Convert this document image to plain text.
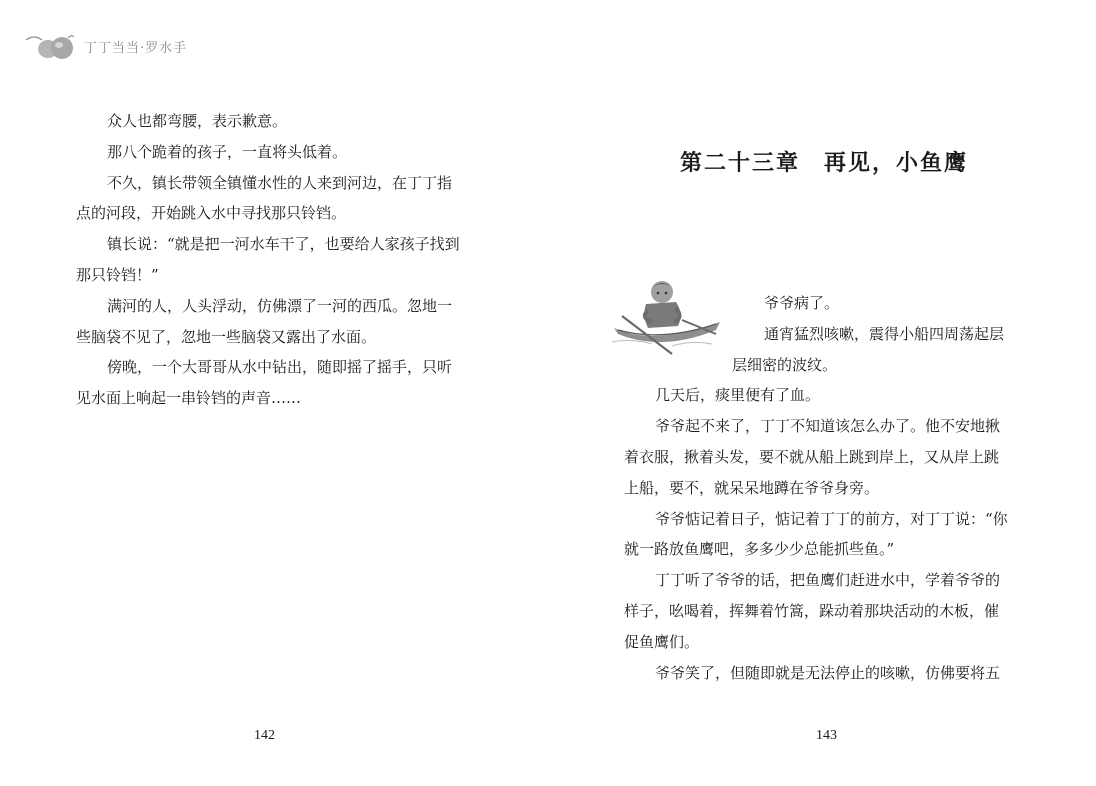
丁丁当当·罗水手
众人也都弯腰，表示歉意。
那八个跪着的孩子，一直将头低着。
不久，镇长带领全镇懂水性的人来到河边，在丁丁指
点的河段，开始跳入水中寻找那只铃铛。
镇长说：“就是把一河水车干了，也要给人家孩子找到
那只铃铛！”
满河的人，人头浮动，仿佛漂了一河的西瓜。忽地一
些脑袋不见了，忽地一些脑袋又露出了水面。
傍晚，一个大哥哥从水中钻出，随即摇了摇手，只听
见水面上响起一串铃铛的声音……
142
第二十三章　再见，小鱼鹰
爷爷病了。
通宵猛烈咳嗽，震得小船四周荡起层
层细密的波纹。
几天后，痰里便有了血。
爷爷起不来了，丁丁不知道该怎么办了。他不安地揪
着衣服，揪着头发，要不就从船上跳到岸上，又从岸上跳
上船，要不，就呆呆地蹲在爷爷身旁。
爷爷惦记着日子，惦记着丁丁的前方，对丁丁说：“你
就一路放鱼鹰吧，多多少少总能抓些鱼。”
丁丁听了爷爷的话，把鱼鹰们赶进水中，学着爷爷的
样子，吆喝着，挥舞着竹篙，跺动着那块活动的木板，催
促鱼鹰们。
爷爷笑了，但随即就是无法停止的咳嗽，仿佛要将五
143
